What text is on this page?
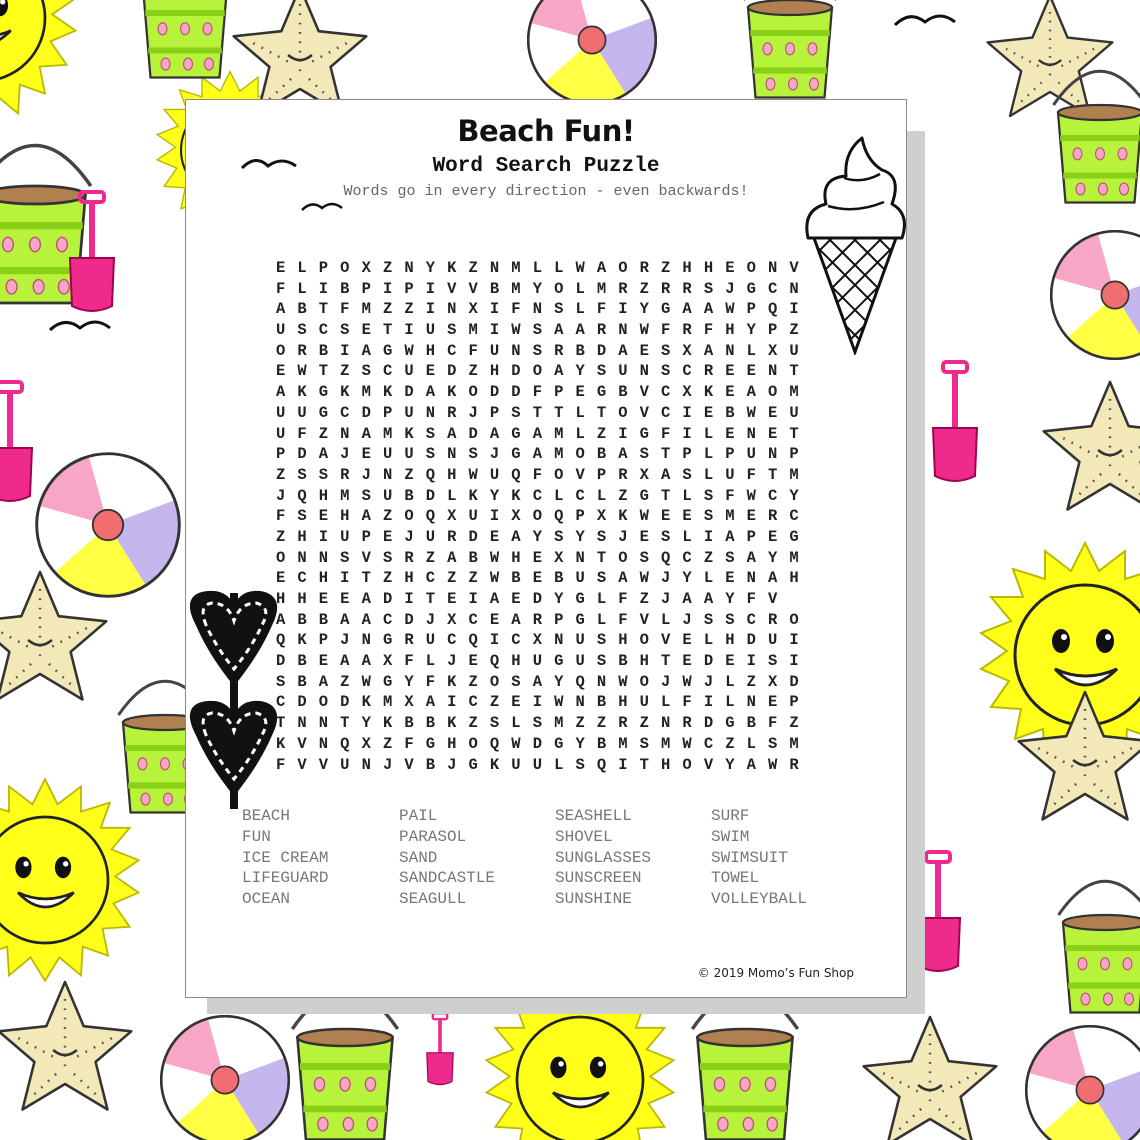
Beach Fun!
Word Search Puzzle
Words go in every direction - even backwards!
E L P O X Z N Y K Z N M L L W A O R Z H H E O N V
F L I B P I P I V V B M Y O L M R Z R R S J G C N
A B T F M Z Z I N X I F N S L F I Y G A A W P Q I
U S C S E T I U S M I W S A A R N W F R F H Y P Z
O R B I A G W H C F U N S R B D A E S X A N L X U
E W T Z S C U E D Z H D O A Y S U N S C R E E N T
A K G K M K D A K O D D F P E G B V C X K E A O M
U U G C D P U N R J P S T T L T O V C I E B W E U
U F Z N A M K S A D A G A M L Z I G F I L E N E T
P D A J E U U S N S J G A M O B A S T P L P U N P
Z S S R J N Z Q H W U Q F O V P R X A S L U F T M
J Q H M S U B D L K Y K C L C L Z G T L S F W C Y
F S E H A Z O Q X U I X O Q P X K W E E S M E R C
Z H I U P E J U R D E A Y S Y S J E S L I A P E G
O N N S V S R Z A B W H E X N T O S Q C Z S A Y M
E C H I T Z H C Z Z W B E B U S A W J Y L E N A H
H H E E A D I T E I A E D Y G L F Z J A A Y F V
A B B A A C D J X C E A R P G L F V L J S S C R O
Q K P J N G R U C Q I C X N U S H O V E L H D U I
D B E A A X F L J E Q H U G U S B H T E D E I S I
S B A Z W G Y F K Z O S A Y Q N W O J W J L Z X D
C D O D K M X A I C Z E I W N B H U L F I L N E P
T N N T Y K B B K Z S L S M Z Z R Z N R D G B F Z
K V N Q X Z F G H O Q W D G Y B M S M W C Z L S M
F V V U N J V B J G K U U L S Q I T H O V Y A W R
BEACH
FUN
ICE CREAM
LIFEGUARD
OCEAN
PAIL
PARASOL
SAND
SANDCASTLE
SEAGULL
SEASHELL
SHOVEL
SUNGLASSES
SUNSCREEN
SUNSHINE
SURF
SWIM
SWIMSUIT
TOWEL
VOLLEYBALL
© 2019 Momo’s Fun Shop
